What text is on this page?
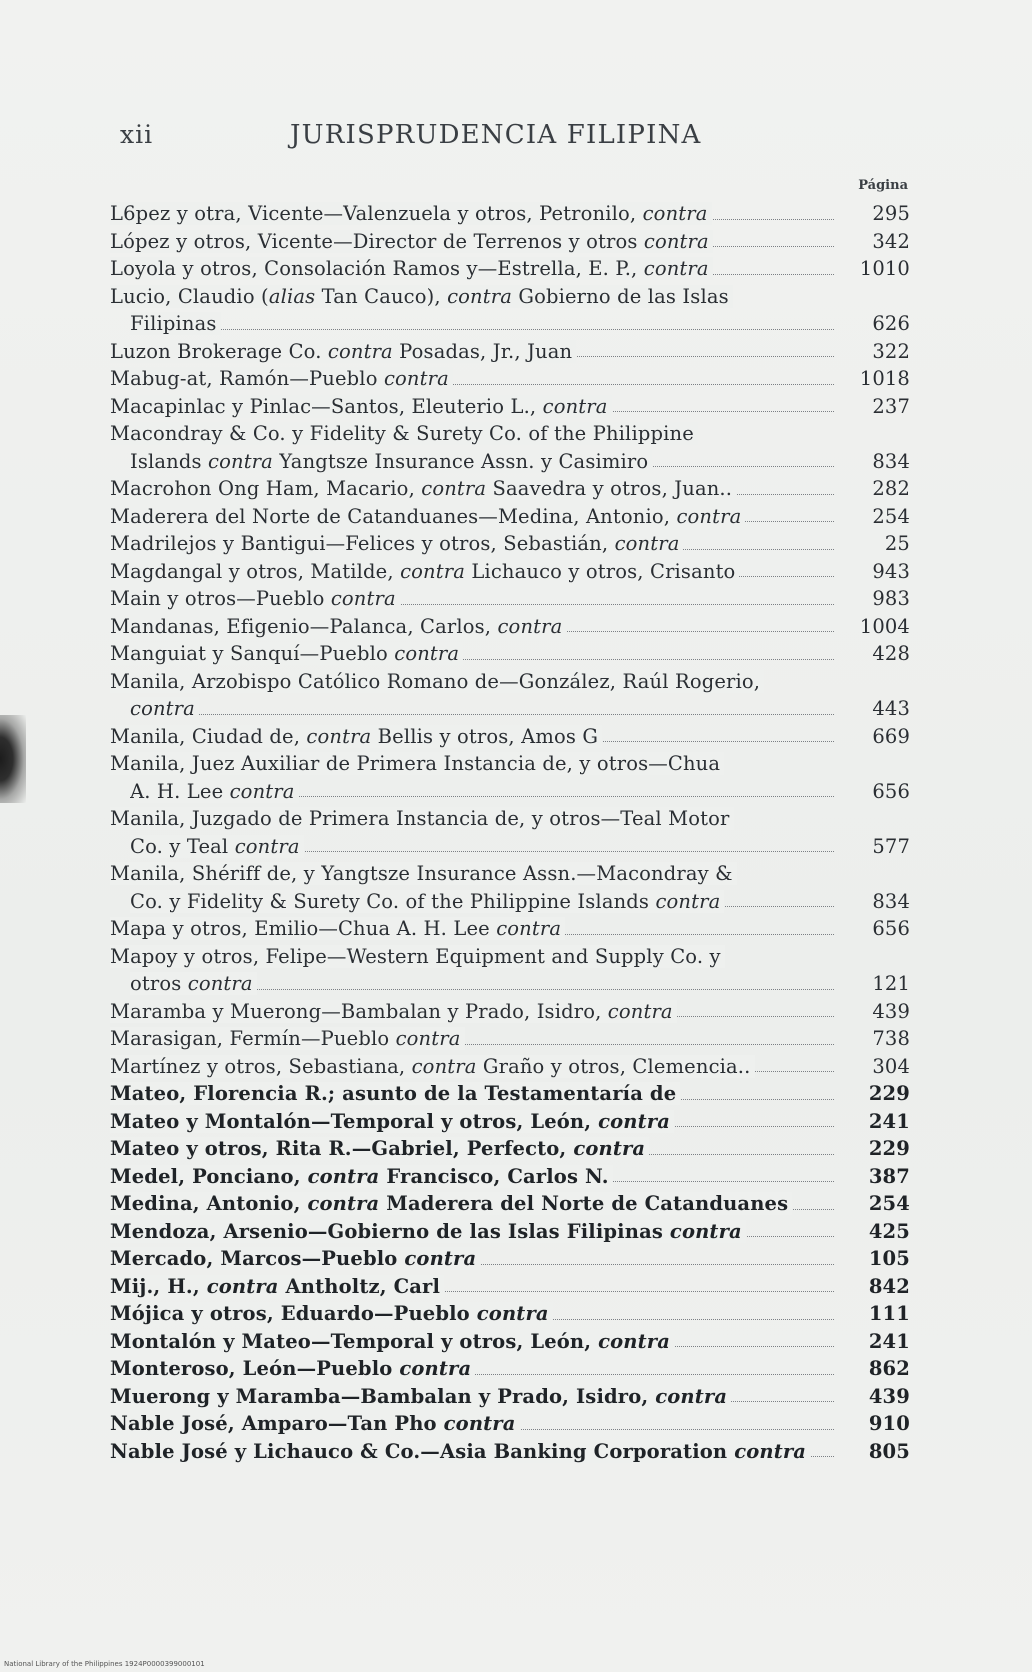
xii	JURISPRUDENCIA FILIPINA
Página
L6pez y otra, Vicente—Valenzuela y otros, Petronilo, contra	295
López y otros, Vicente—Director de Terrenos y otros contra	342
Loyola y otros, Consolación Ramos y—Estrella, E. P., contra	1010
Lucio, Claudio (alias Tan Cauco), contra Gobierno de las Islas
Filipinas	626
Luzon Brokerage Co. contra Posadas, Jr., Juan	322
Mabug-at, Ramón—Pueblo contra	1018
Macapinlac y Pinlac—Santos, Eleuterio L., contra	237
Macondray & Co. y Fidelity & Surety Co. of the Philippine
Islands contra Yangtsze Insurance Assn. y Casimiro	834
Macrohon Ong Ham, Macario, contra Saavedra y otros, Juan..	282
Maderera del Norte de Catanduanes—Medina, Antonio, contra	254
Madrilejos y Bantigui—Felices y otros, Sebastián, contra	25
Magdangal y otros, Matilde, contra Lichauco y otros, Crisanto	943
Main y otros—Pueblo contra	983
Mandanas, Efigenio—Palanca, Carlos, contra	1004
Manguiat y Sanquí—Pueblo contra	428
Manila, Arzobispo Católico Romano de—González, Raúl Rogerio,
contra	443
Manila, Ciudad de, contra Bellis y otros, Amos G	669
Manila, Juez Auxiliar de Primera Instancia de, y otros—Chua
A. H. Lee contra	656
Manila, Juzgado de Primera Instancia de, y otros—Teal Motor
Co. y Teal contra	577
Manila, Shériff de, y Yangtsze Insurance Assn.—Macondray &
Co. y Fidelity & Surety Co. of the Philippine Islands contra	834
Mapa y otros, Emilio—Chua A. H. Lee contra	656
Mapoy y otros, Felipe—Western Equipment and Supply Co. y
otros contra	121
Maramba y Muerong—Bambalan y Prado, Isidro, contra	439
Marasigan, Fermín—Pueblo contra	738
Martínez y otros, Sebastiana, contra Graño y otros, Clemencia..	304
Mateo, Florencia R.; asunto de la Testamentaría de	229
Mateo y Montalón—Temporal y otros, León, contra	241
Mateo y otros, Rita R.—Gabriel, Perfecto, contra	229
Medel, Ponciano, contra Francisco, Carlos N.	387
Medina, Antonio, contra Maderera del Norte de Catanduanes	254
Mendoza, Arsenio—Gobierno de las Islas Filipinas contra	425
Mercado, Marcos—Pueblo contra	105
Mij., H., contra Antholtz, Carl	842
Mójica y otros, Eduardo—Pueblo contra	111
Montalón y Mateo—Temporal y otros, León, contra	241
Monteroso, León—Pueblo contra	862
Muerong y Maramba—Bambalan y Prado, Isidro, contra	439
Nable José, Amparo—Tan Pho contra	910
Nable José y Lichauco & Co.—Asia Banking Corporation contra	805
National Library of the Philippines 1924P0000399000101
